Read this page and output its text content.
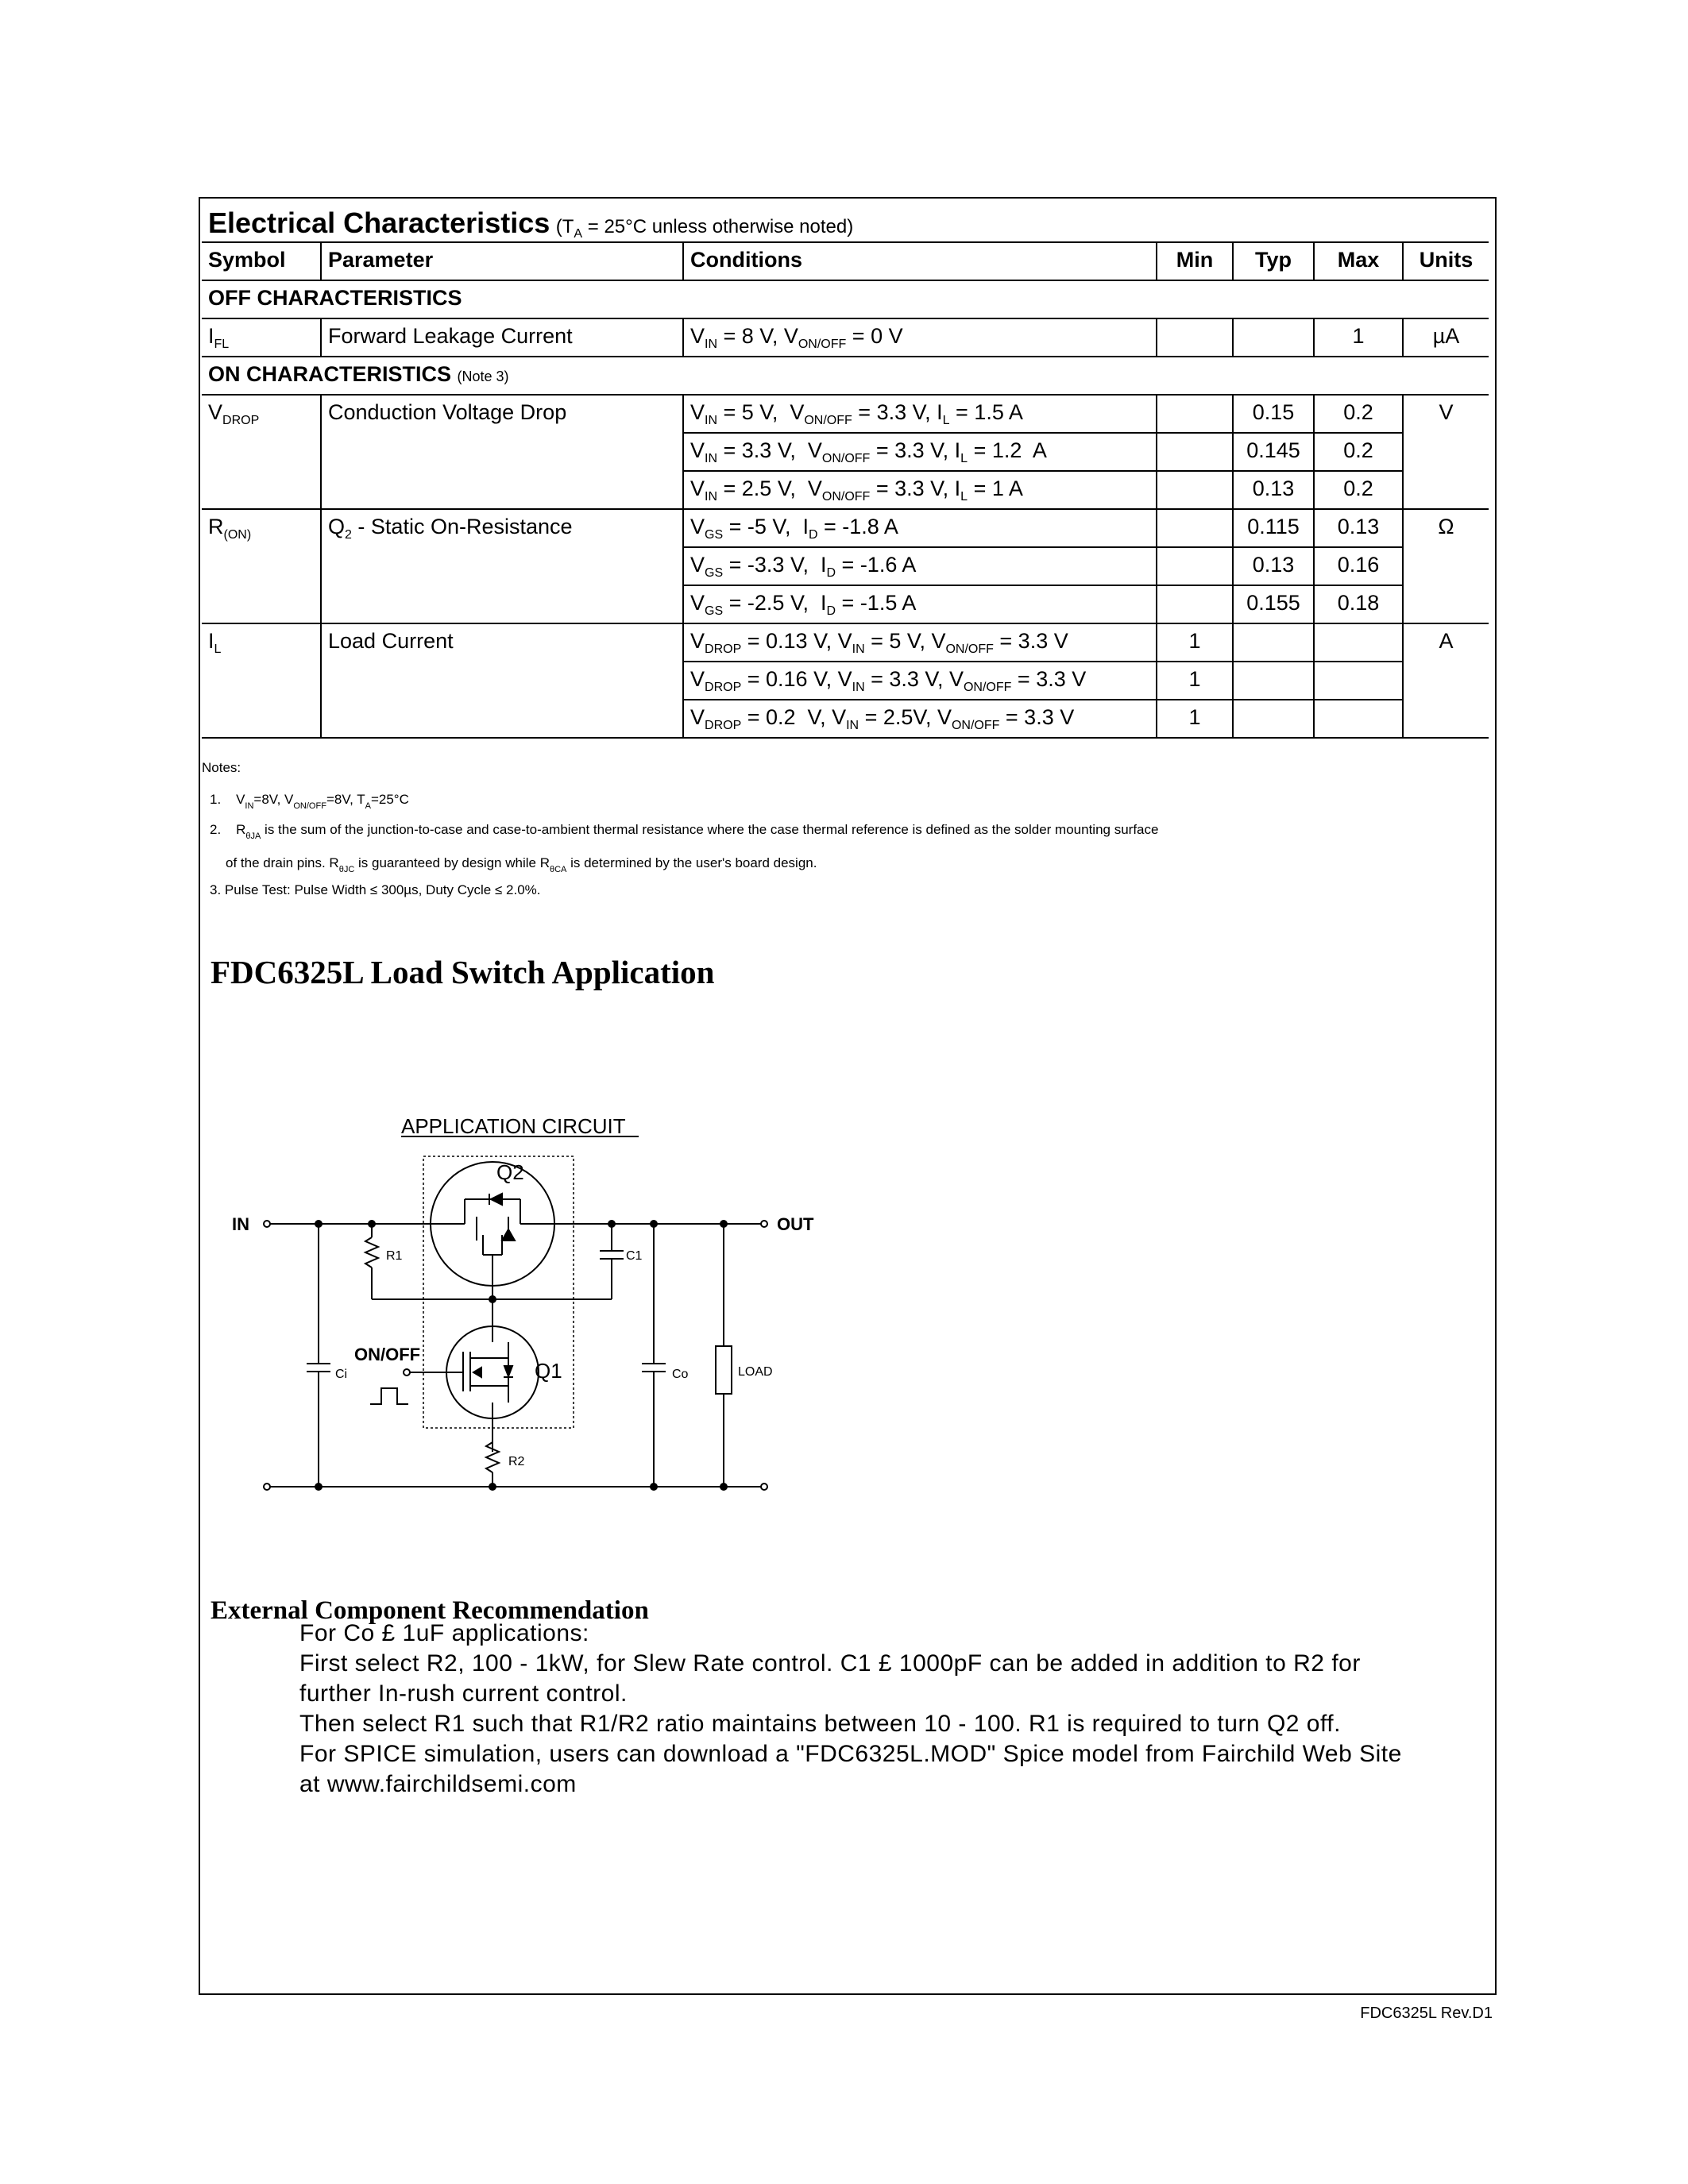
Electrical Characteristics ($T_A = 25^\circ C$ unless otherwise noted)						
Symbol	Parameter	Conditions	Min	Typ	Max	Units
OFF CHARACTERISTICS						
$I_{FL}$	Forward Leakage Current	$V_{IN} = 8$ V, $V_{ON/OFF} = 0$ V			1	µA
ON CHARACTERISTICS (Note 3)						
$V_{DROP}$	Conduction Voltage Drop	$V_{IN} = 5$ V,  $V_{ON/OFF} = 3.3$ V, $I_L = 1.5$ A		0.15	0.2	V
		$V_{IN} = 3.3$ V,  $V_{ON/OFF} = 3.3$ V, $I_L = 1.2$  A		0.145	0.2	
		$V_{IN} = 2.5$ V,  $V_{ON/OFF} = 3.3$ V, $I_L = 1$ A		0.13	0.2	
$R_{(ON)}$	$Q_2$ - Static On-Resistance	$V_{GS} = -5$ V,  $I_D = -1.8$ A		0.115	0.13	Ω
		$V_{GS} = -3.3$ V,  $I_D = -1.6$ A		0.13	0.16	
		$V_{GS} = -2.5$ V,  $I_D = -1.5$ A		0.155	0.18	
$I_L$	Load Current	$V_{DROP} = 0.13$ V, $V_{IN} = 5$ V, $V_{ON/OFF} = 3.3$ V	1			A
		$V_{DROP} = 0.16$ V, $V_{IN} = 3.3$ V, $V_{ON/OFF} = 3.3$ V	1			
		$V_{DROP} = 0.2$  V, $V_{IN} = 2.5V$, $V_{ON/OFF} = 3.3$ V	1			
Notes:
1.    $V_{IN}=8V$, $V_{ON/OFF}=8V$, $T_A=25^\circ C$
2.    $R_{\theta JA}$ is the sum of the junction-to-case and case-to-ambient thermal resistance where the case thermal reference is defined as the solder mounting surface
of the drain pins. $R_{\theta JC}$ is guaranteed by design while $R_{\theta CA}$ is determined by the user's board design.
3. Pulse Test: Pulse Width ≤ 300µs, Duty Cycle ≤ 2.0%.
FDC6325L Load Switch Application
APPLICATION CIRCUIT
Q2
Q1
IN	OUT
R1	C1
Ci
ON/OFF
Co	LOAD
R2
External Component Recommendation
For Co £ 1uF applications:
First select R2, 100 - 1kW, for Slew Rate control. C1 £ 1000pF can be added in addition to R2 for
further In-rush current control.
Then select R1 such that R1/R2 ratio maintains between 10 - 100. R1 is required to turn Q2 off.
For SPICE simulation, users can download a "FDC6325L.MOD" Spice model from Fairchild Web Site
at www.fairchildsemi.com
FDC6325L Rev.D1
